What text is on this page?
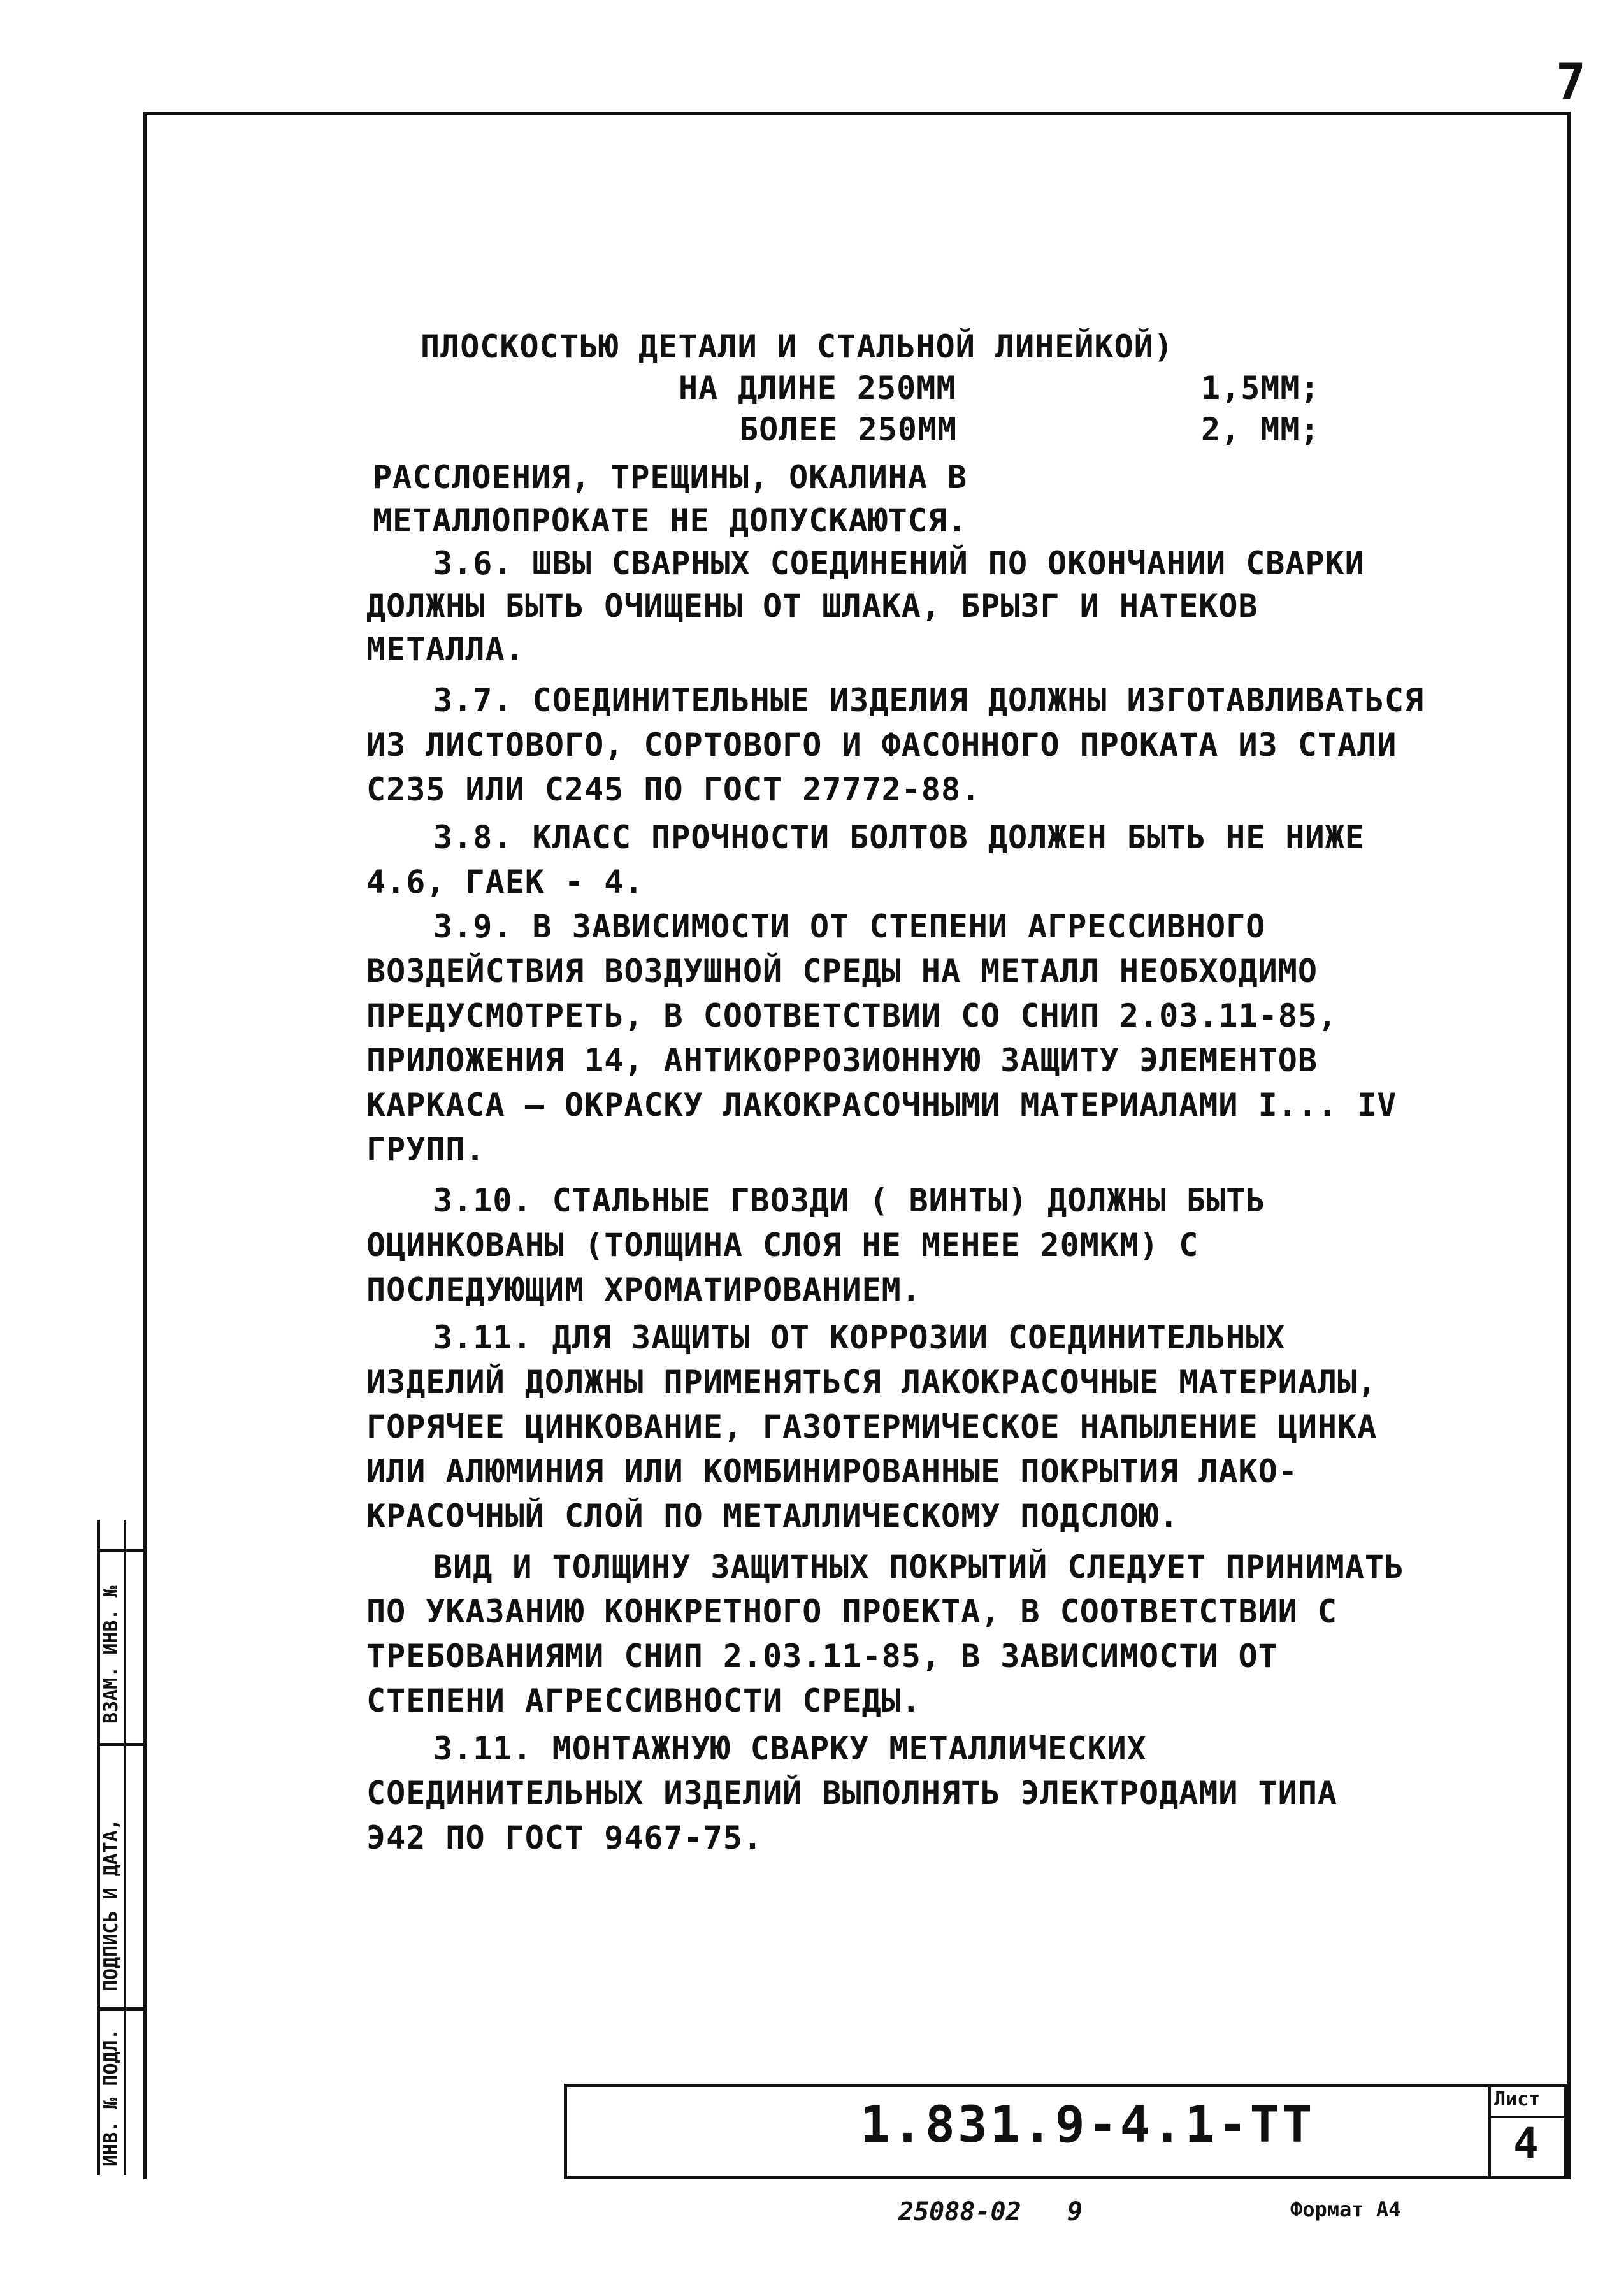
7
ВЗАМ. ИНВ. №
ПОДПИСЬ И ДАТА,
ИНВ. № ПОДЛ.
ПЛОСКОСТЬЮ ДЕТАЛИ И СТАЛЬНОЙ ЛИНЕЙКОЙ)
НА ДЛИНЕ 250ММ	1,5ММ;
БОЛЕЕ 250ММ	2, ММ;
РАССЛОЕНИЯ, ТРЕЩИНЫ, ОКАЛИНА В
МЕТАЛЛОПРОКАТЕ НЕ ДОПУСКАЮТСЯ.
3.6. ШВЫ СВАРНЫХ СОЕДИНЕНИЙ ПО ОКОНЧАНИИ СВАРКИ
ДОЛЖНЫ БЫТЬ ОЧИЩЕНЫ ОТ ШЛАКА, БРЫЗГ И НАТЕКОВ
МЕТАЛЛА.
3.7. СОЕДИНИТЕЛЬНЫЕ ИЗДЕЛИЯ ДОЛЖНЫ ИЗГОТАВЛИВАТЬСЯ
ИЗ ЛИСТОВОГО, СОРТОВОГО И ФАСОННОГО ПРОКАТА ИЗ СТАЛИ
С235 ИЛИ С245 ПО ГОСТ 27772-88.
3.8. КЛАСС ПРОЧНОСТИ БОЛТОВ ДОЛЖЕН БЫТЬ НЕ НИЖЕ
4.6, ГАЕК - 4.
3.9. В ЗАВИСИМОСТИ ОТ СТЕПЕНИ АГРЕССИВНОГО
ВОЗДЕЙСТВИЯ ВОЗДУШНОЙ СРЕДЫ НА МЕТАЛЛ НЕОБХОДИМО
ПРЕДУСМОТРЕТЬ, В СООТВЕТСТВИИ СО СНИП 2.03.11-85,
ПРИЛОЖЕНИЯ 14, АНТИКОРРОЗИОННУЮ ЗАЩИТУ ЭЛЕМЕНТОВ
КАРКАСА — ОКРАСКУ ЛАКОКРАСОЧНЫМИ МАТЕРИАЛАМИ I... IV
ГРУПП.
3.10. СТАЛЬНЫЕ ГВОЗДИ ( ВИНТЫ) ДОЛЖНЫ БЫТЬ
ОЦИНКОВАНЫ (ТОЛЩИНА СЛОЯ НЕ МЕНЕЕ 20МКМ) С
ПОСЛЕДУЮЩИМ ХРОМАТИРОВАНИЕМ.
3.11. ДЛЯ ЗАЩИТЫ ОТ КОРРОЗИИ СОЕДИНИТЕЛЬНЫХ
ИЗДЕЛИЙ ДОЛЖНЫ ПРИМЕНЯТЬСЯ ЛАКОКРАСОЧНЫЕ МАТЕРИАЛЫ,
ГОРЯЧЕЕ ЦИНКОВАНИЕ, ГАЗОТЕРМИЧЕСКОЕ НАПЫЛЕНИЕ ЦИНКА
ИЛИ АЛЮМИНИЯ ИЛИ КОМБИНИРОВАННЫЕ ПОКРЫТИЯ ЛАКО-
КРАСОЧНЫЙ СЛОЙ ПО МЕТАЛЛИЧЕСКОМУ ПОДСЛОЮ.
ВИД И ТОЛЩИНУ ЗАЩИТНЫХ ПОКРЫТИЙ СЛЕДУЕТ ПРИНИМАТЬ
ПО УКАЗАНИЮ КОНКРЕТНОГО ПРОЕКТА, В СООТВЕТСТВИИ С
ТРЕБОВАНИЯМИ СНИП 2.03.11-85, В ЗАВИСИМОСТИ ОТ
СТЕПЕНИ АГРЕССИВНОСТИ СРЕДЫ.
3.11. МОНТАЖНУЮ СВАРКУ МЕТАЛЛИЧЕСКИХ
СОЕДИНИТЕЛЬНЫХ ИЗДЕЛИЙ ВЫПОЛНЯТЬ ЭЛЕКТРОДАМИ ТИПА
Э42 ПО ГОСТ 9467-75.
1.831.9-4.1-ТТ	Лист
4
25088-02   9	Формат А4
